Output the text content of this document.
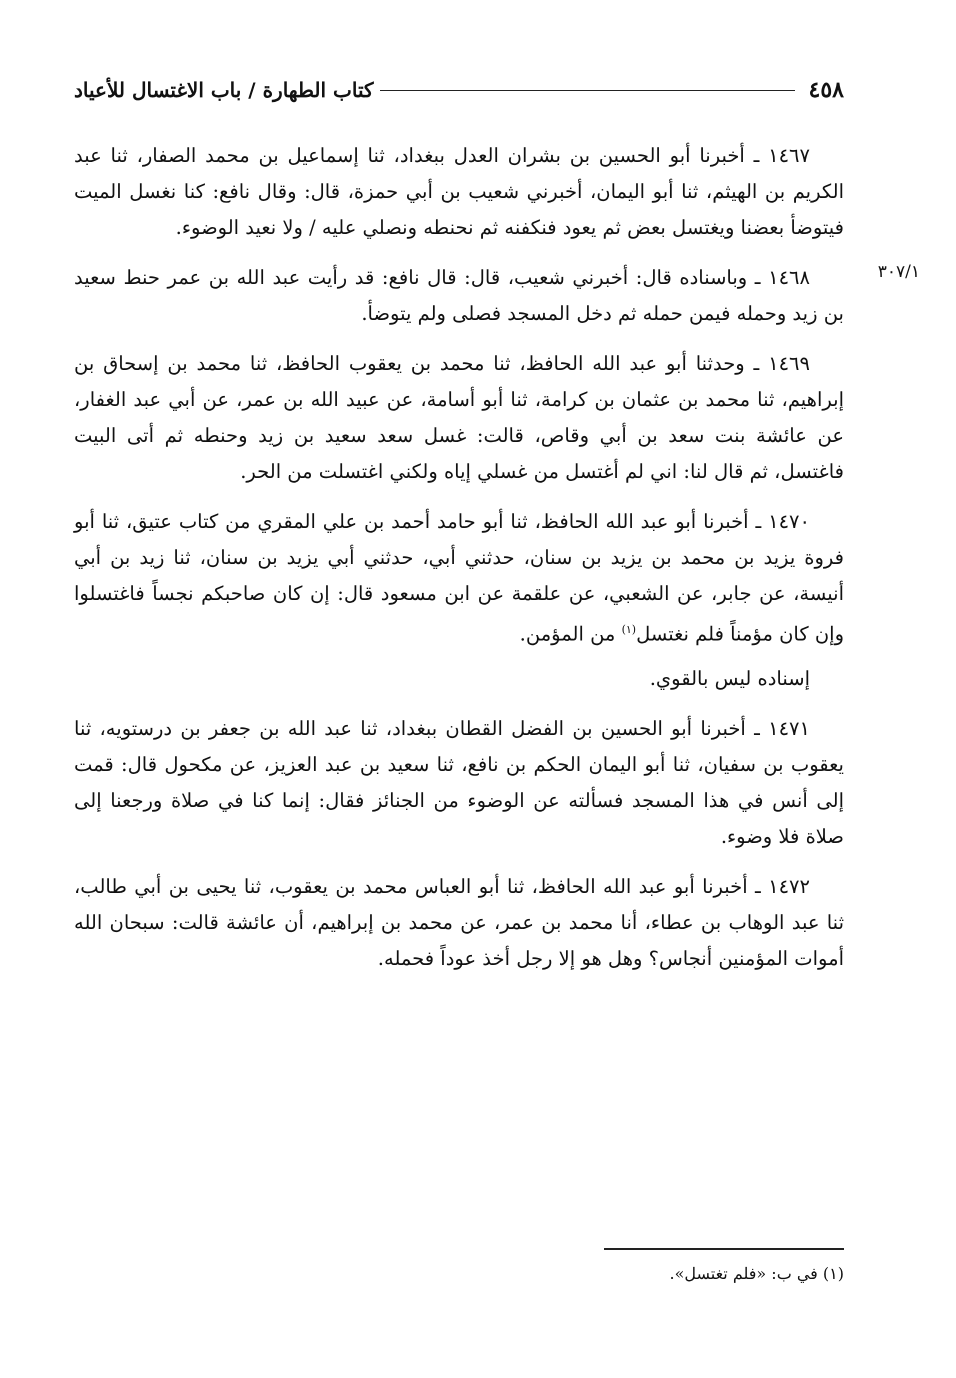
٤٥٨
كتاب الطهارة / باب الاغتسال للأعياد
٣٠٧/١

١٤٦٧ ـ أخبرنا أبو الحسين بن بشران العدل ببغداد، ثنا إسماعيل بن محمد الصفار، ثنا عبد الكريم بن الهيثم، ثنا أبو اليمان، أخبرني شعيب بن أبي حمزة، قال: وقال نافع: كنا نغسل الميت فيتوضأ بعضنا ويغتسل بعض ثم يعود فنكفنه ثم نحنطه ونصلي عليه / ولا نعيد الوضوء.

١٤٦٨ ـ وباسناده قال: أخبرني شعيب، قال: قال نافع: قد رأيت عبد الله بن عمر حنط سعيد بن زيد وحمله فيمن حمله ثم دخل المسجد فصلى ولم يتوضأ.

١٤٦٩ ـ وحدثنا أبو عبد الله الحافظ، ثنا محمد بن يعقوب الحافظ، ثنا محمد بن إسحاق بن إبراهيم، ثنا محمد بن عثمان بن كرامة، ثنا أبو أسامة، عن عبيد الله بن عمر، عن أبي عبد الغفار، عن عائشة بنت سعد بن أبي وقاص، قالت: غسل سعد سعيد بن زيد وحنطه ثم أتى البيت فاغتسل، ثم قال لنا: اني لم أغتسل من غسلي إياه ولكني اغتسلت من الحر.

١٤٧٠ ـ أخبرنا أبو عبد الله الحافظ، ثنا أبو حامد أحمد بن علي المقري من كتاب عتيق، ثنا أبو فروة يزيد بن محمد بن يزيد بن سنان، حدثني أبي، حدثني أبي يزيد بن سنان، ثنا زيد بن أبي أنيسة، عن جابر، عن الشعبي، عن علقمة عن ابن مسعود قال: إن كان صاحبكم نجساً فاغتسلوا وإن كان مؤمناً فلم نغتسل$^{(١)}$ من المؤمن.

إسناده ليس بالقوي.

١٤٧١ ـ أخبرنا أبو الحسين بن الفضل القطان ببغداد، ثنا عبد الله بن جعفر بن درستويه، ثنا يعقوب بن سفيان، ثنا أبو اليمان الحكم بن نافع، ثنا سعيد بن عبد العزيز، عن مكحول قال: قمت إلى أنس في هذا المسجد فسألته عن الوضوء من الجنائز فقال: إنما كنا في صلاة ورجعنا إلى صلاة فلا وضوء.

١٤٧٢ ـ أخبرنا أبو عبد الله الحافظ، ثنا أبو العباس محمد بن يعقوب، ثنا يحيى بن أبي طالب، ثنا عبد الوهاب بن عطاء، أنا محمد بن عمر، عن محمد بن إبراهيم، أن عائشة قالت: سبحان الله أموات المؤمنين أنجاس؟ وهل هو إلا رجل أخذ عوداً فحمله.

(١) في ب: «فلم تغتسل».
